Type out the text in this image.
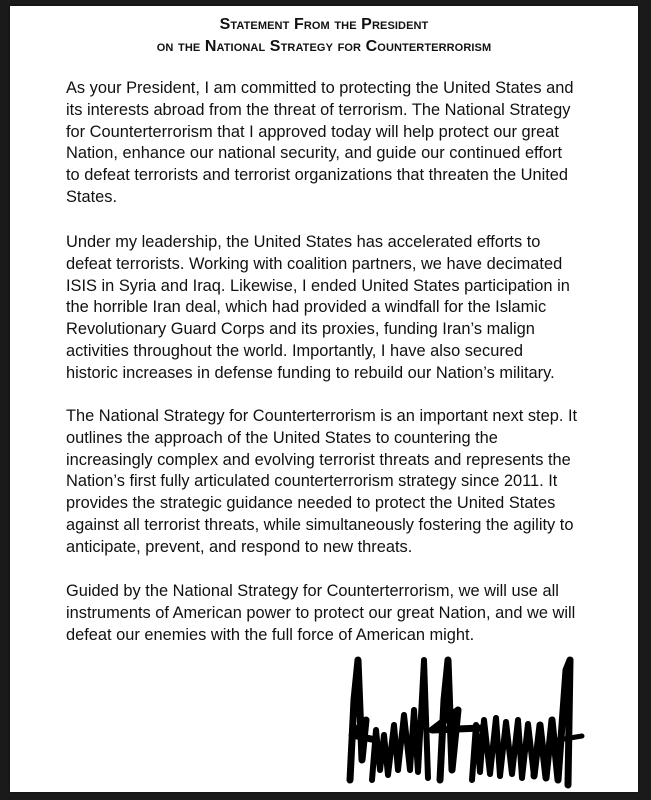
Statement From the President
on the National Strategy for Counterterrorism

As your President, I am committed to protecting the United States and
its interests abroad from the threat of terrorism. The National Strategy
for Counterterrorism that I approved today will help protect our great
Nation, enhance our national security, and guide our continued effort
to defeat terrorists and terrorist organizations that threaten the United
States.

Under my leadership, the United States has accelerated efforts to
defeat terrorists. Working with coalition partners, we have decimated
ISIS in Syria and Iraq. Likewise, I ended United States participation in
the horrible Iran deal, which had provided a windfall for the Islamic
Revolutionary Guard Corps and its proxies, funding Iran’s malign
activities throughout the world. Importantly, I have also secured
historic increases in defense funding to rebuild our Nation’s military.

The National Strategy for Counterterrorism is an important next step. It
outlines the approach of the United States to countering the
increasingly complex and evolving terrorist threats and represents the
Nation’s first fully articulated counterterrorism strategy since 2011. It
provides the strategic guidance needed to protect the United States
against all terrorist threats, while simultaneously fostering the agility to
anticipate, prevent, and respond to new threats.

Guided by the National Strategy for Counterterrorism, we will use all
instruments of American power to protect our great Nation, and we will
defeat our enemies with the full force of American might.
